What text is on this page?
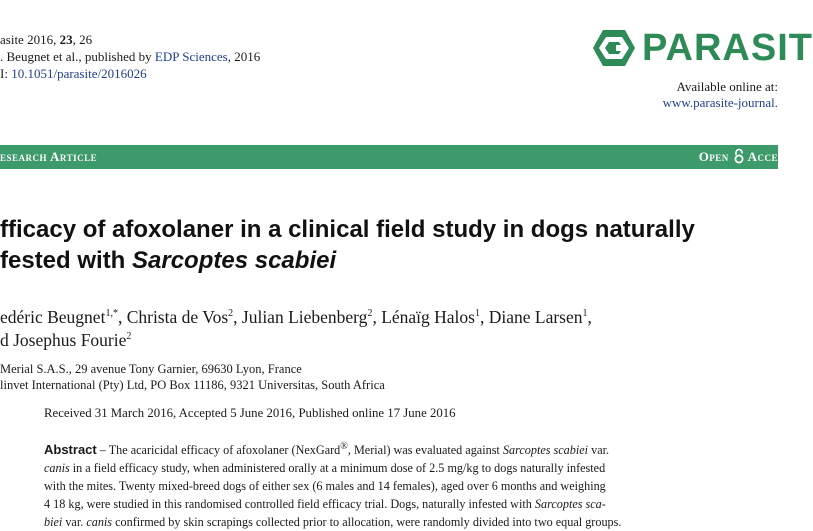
asite 2016, 23, 26
. Beugnet et al., published by EDP Sciences, 2016
I: 10.1051/parasite/2016026
PARASIT
Available online at:
www.parasite-journal.
esearch Article	Open Acce
fficacy of afoxolaner in a clinical field study in dogs naturally
fested with Sarcoptes scabiei
edéric Beugnet$^{1,*}$, Christa de Vos$^2$, Julian Liebenberg$^2$, Lénaïg Halos$^1$, Diane Larsen$^1$,
d Josephus Fourie$^2$
Merial S.A.S., 29 avenue Tony Garnier, 69630 Lyon, France
linvet International (Pty) Ltd, PO Box 11186, 9321 Universitas, South Africa
Received 31 March 2016, Accepted 5 June 2016, Published online 17 June 2016
Abstract – The acaricidal efficacy of afoxolaner (NexGard®, Merial) was evaluated against Sarcoptes scabiei var.
canis in a field efficacy study, when administered orally at a minimum dose of 2.5 mg/kg to dogs naturally infested
with the mites. Twenty mixed-breed dogs of either sex (6 males and 14 females), aged over 6 months and weighing
4 18 kg, were studied in this randomised controlled field efficacy trial. Dogs, naturally infested with Sarcoptes sca-
biei var. canis confirmed by skin scrapings collected prior to allocation, were randomly divided into two equal groups.
